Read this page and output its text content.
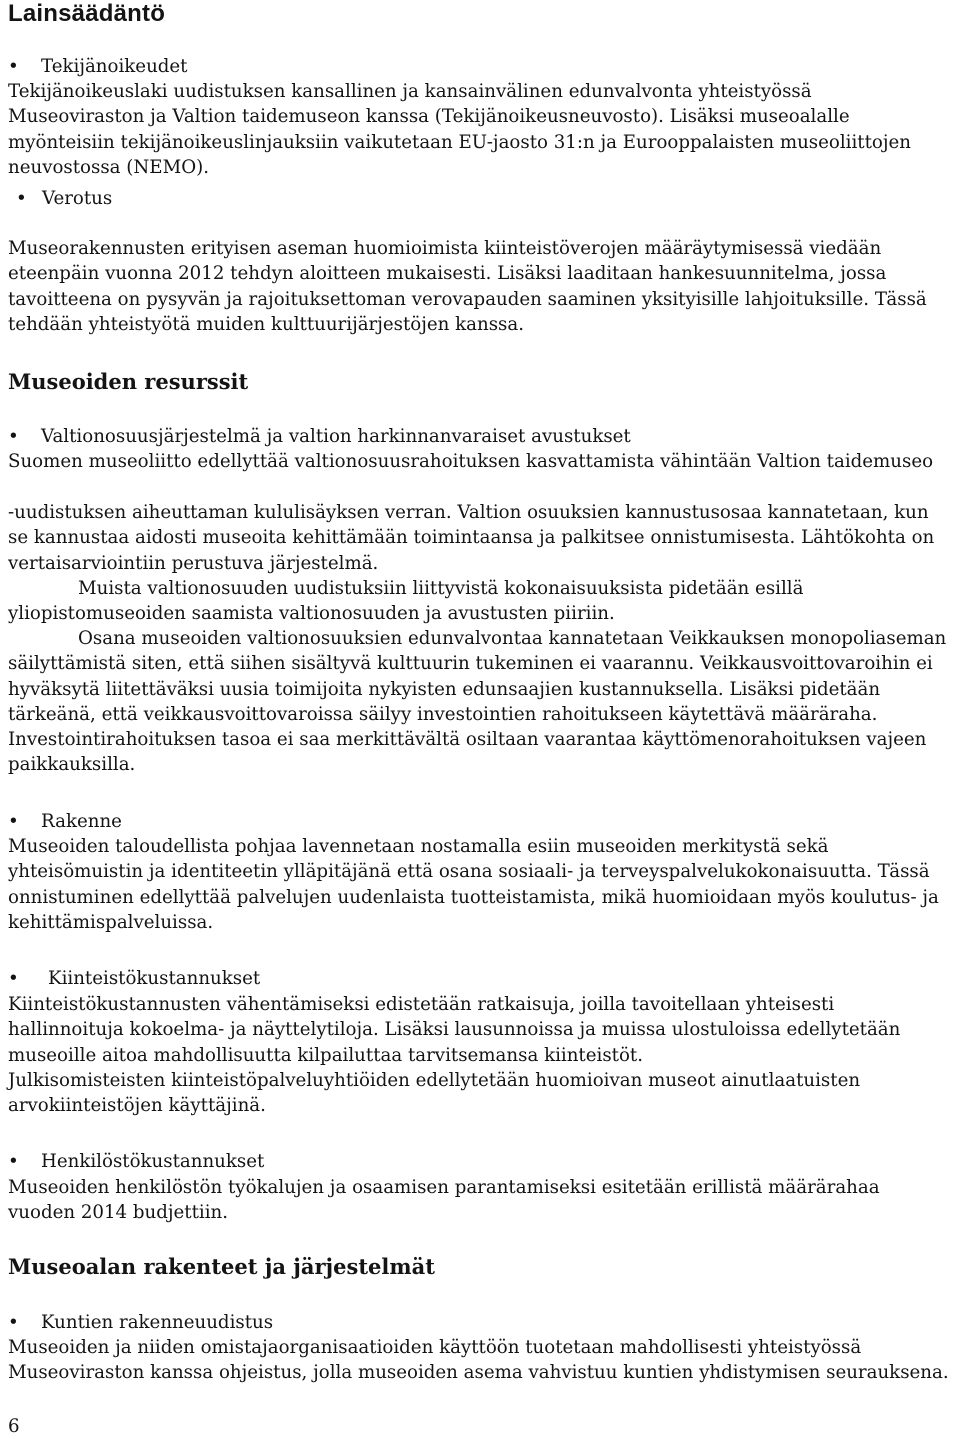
Lainsäädäntö
• Tekijänoikeudet
Tekijänoikeuslaki uudistuksen kansallinen ja kansainvälinen edunvalvonta yhteistyössä Museoviraston ja Valtion taidemuseon kanssa (Tekijänoikeusneuvosto). Lisäksi museoalalle myönteisiin tekijänoikeuslinjauksiin vaikutetaan EU-jaosto 31:n ja Eurooppalaisten museoliittojen neuvostossa (NEMO).
• Verotus
Museorakennusten erityisen aseman huomioimista kiinteistöverojen määräytymisessä viedään eteenpäin vuonna 2012 tehdyn aloitteen mukaisesti. Lisäksi laaditaan hankesuunnitelma, jossa tavoitteena on pysyvän ja rajoituksettoman verovapauden saaminen yksityisille lahjoituksille. Tässä tehdään yhteistyötä muiden kulttuurijärjestöjen kanssa.
Museoiden resurssit
• Valtionosuusjärjestelmä ja valtion harkinnanvaraiset avustukset
Suomen museoliitto edellyttää valtionosuusrahoituksen kasvattamista vähintään Valtion taidemuseo
-uudistuksen aiheuttaman kululisäyksen verran. Valtion osuuksien kannustusosaa kannatetaan, kun se kannustaa aidosti museoita kehittämään toimintaansa ja palkitsee onnistumisesta. Lähtökohta on vertaisarviointiin perustuva järjestelmä.
Muista valtionosuuden uudistuksiin liittyvistä kokonaisuuksista pidetään esillä yliopistomuseoiden saamista valtionosuuden ja avustusten piiriin.
Osana museoiden valtionosuuksien edunvalvontaa kannatetaan Veikkauksen monopoliaseman säilyttämistä siten, että siihen sisältyvä kulttuurin tukeminen ei vaarannu. Veikkausvoittovaroihin ei hyväksytä liitettäväksi uusia toimijoita nykyisten edunsaajien kustannuksella. Lisäksi pidetään tärkeänä, että veikkausvoittovaroissa säilyy investointien rahoitukseen käytettävä määräraha. Investointirahoituksen tasoa ei saa merkittävältä osiltaan vaarantaa käyttömenorahoituksen vajeen paikkauksilla.
• Rakenne
Museoiden taloudellista pohjaa lavennetaan nostamalla esiin museoiden merkitystä sekä yhteisömuistin ja identiteetin ylläpitäjänä että osana sosiaali- ja terveyspalvelukokonaisuutta. Tässä onnistuminen edellyttää palvelujen uudenlaista tuotteistamista, mikä huomioidaan myös koulutus- ja kehittämispalveluissa.
• Kiinteistökustannukset
Kiinteistökustannusten vähentämiseksi edistetään ratkaisuja, joilla tavoitellaan yhteisesti hallinnoituja kokoelma- ja näyttelytiloja. Lisäksi lausunnoissa ja muissa ulostuloissa edellytetään museoille aitoa mahdollisuutta kilpailuttaa tarvitsemansa kiinteistöt.
Julkisomisteisten kiinteistöpalveluyhtiöiden edellytetään huomioivan museot ainutlaatuisten arvokiinteistöjen käyttäjinä.
• Henkilöstökustannukset
Museoiden henkilöstön työkalujen ja osaamisen parantamiseksi esitetään erillistä määrärahaa vuoden 2014 budjettiin.
Museoalan rakenteet ja järjestelmät
• Kuntien rakenneuudistus
Museoiden ja niiden omistajaorganisaatioiden käyttöön tuotetaan mahdollisesti yhteistyössä Museoviraston kanssa ohjeistus, jolla museoiden asema vahvistuu kuntien yhdistymisen seurauksena.
6
